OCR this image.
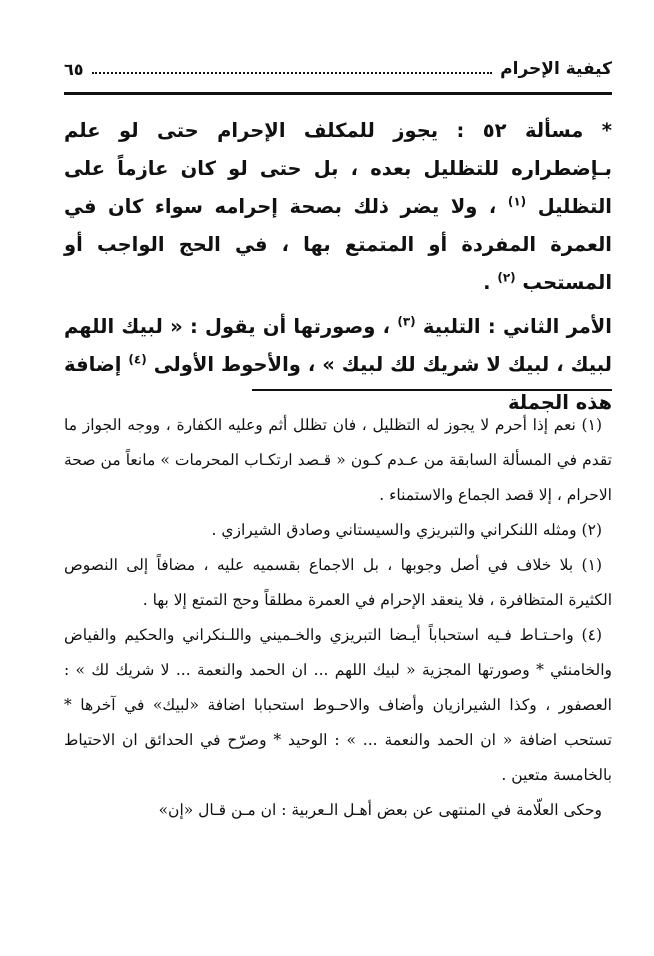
كيفية الإحرام
٦٥

* مسألة ٥٢ : يجوز للمكلف الإحرام حتى لو علم بـإضطراره للتظليل بعده ، بل حتى لو كان عازماً على التظليل $^{(١)}$ ، ولا يضر ذلك بصحة إحرامه سواء كان في العمرة المفردة أو المتمتع بها ، في الحج الواجب أو المستحب $^{(٢)}$ .

الأمر الثاني : التلبية $^{(٣)}$ ، وصورتها أن يقول : « لبيك اللهم لبيك ، لبيك لا شريك لك لبيك » ، والأحوط الأولى $^{(٤)}$ إضافة هذه الجملة

(١) نعم إذا أحرم لا يجوز له التظليل ، فان تظلل أثم وعليه الكفارة ، ووجه الجواز ما تقدم في المسألة السابقة من عـدم كـون « قـصد ارتكـاب المحرمات » مانعاً من صحة الاحرام ، إلا قصد الجماع والاستمناء .

(٢) ومثله اللنكراني والتبريزي والسيستاني وصادق الشيرازي .

(١) بلا خلاف في أصل وجوبها ، بل الاجماع بقسميه عليه ، مضافاً إلى النصوص الكثيرة المتظافرة ، فلا ينعقد الإحرام في العمرة مطلقاً وحج التمتع إلا بها .

(٤) واحـتـاط فـيه استحباباً أيـضا التبريزي والخـميني واللـنكراني والحكيم والفياض والخامنئي * وصورتها المجزية « لبيك اللهم ... ان الحمد والنعمة ... لا شريك لك » : العصفور ، وكذا الشيرازيان وأضاف والاحـوط استحبابا اضافة «لبيك» في آخرها * تستحب اضافة « ان الحمد والنعمة ... » : الوحيد * وصرّح في الحدائق ان الاحتياط بالخامسة متعين .

وحكى العلّامة في المنتهى عن بعض أهـل الـعربية : ان مـن قـال «إن»
